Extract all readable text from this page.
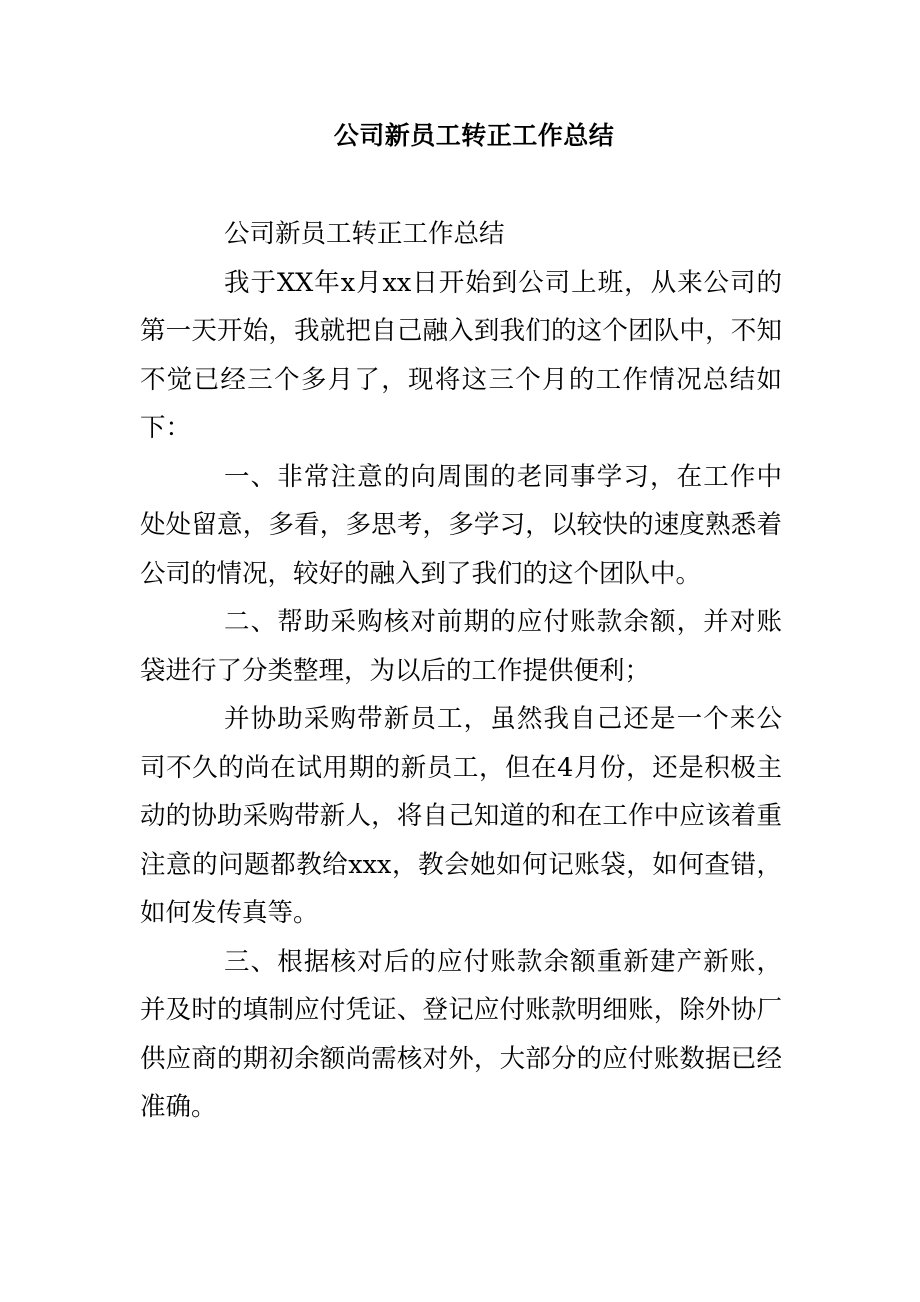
公司新员工转正工作总结

公司新员工转正工作总结

我于XX年x月xx日开始到公司上班，从来公司的第一天开始，我就把自己融入到我们的这个团队中，不知不觉已经三个多月了，现将这三个月的工作情况总结如下：

一、非常注意的向周围的老同事学习，在工作中处处留意，多看，多思考，多学习，以较快的速度熟悉着公司的情况，较好的融入到了我们的这个团队中。

二、帮助采购核对前期的应付账款余额，并对账袋进行了分类整理，为以后的工作提供便利；

并协助采购带新员工，虽然我自己还是一个来公司不久的尚在试用期的新员工，但在4月份，还是积极主动的协助采购带新人，将自己知道的和在工作中应该着重注意的问题都教给xxx，教会她如何记账袋，如何查错，如何发传真等。

三、根据核对后的应付账款余额重新建产新账，并及时的填制应付凭证、登记应付账款明细账，除外协厂供应商的期初余额尚需核对外，大部分的应付账数据已经准确。
